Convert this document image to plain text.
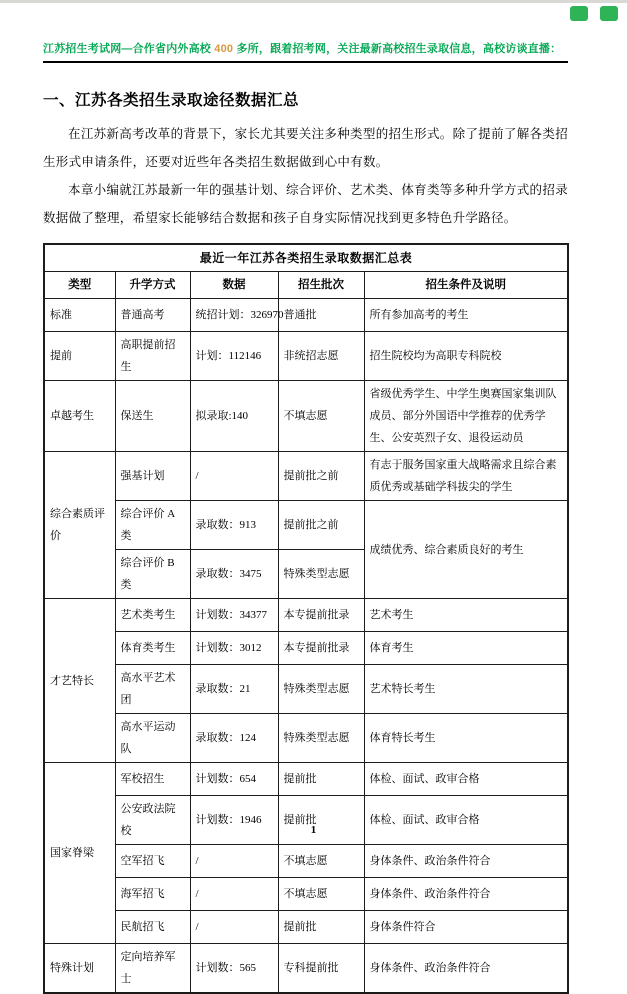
江苏招生考试网—合作省内外高校 400 多所，跟着招考网，关注最新高校招生录取信息，高校访谈直播：
一、江苏各类招生录取途径数据汇总

在江苏新高考改革的背景下，家长尤其要关注多种类型的招生形式。除了提前了解各类招生形式申请条件，还要对近些年各类招生数据做到心中有数。

本章小编就江苏最新一年的强基计划、综合评价、艺术类、体育类等多种升学方式的招录数据做了整理，希望家长能够结合数据和孩子自身实际情况找到更多特色升学路径。

最近一年江苏各类招生录取数据汇总表				
类型	升学方式	数据	招生批次	招生条件及说明
标准	普通高考	统招计划：326970	普通批	所有参加高考的考生
提前	高职提前招生	计划：112146	非统招志愿	招生院校均为高职专科院校
卓越考生	保送生	拟录取:140	不填志愿	省级优秀学生、中学生奥赛国家集训队成员、部分外国语中学推荐的优秀学生、公安英烈子女、退役运动员
综合素质评价	强基计划	/	提前批之前	有志于服务国家重大战略需求且综合素质优秀或基础学科拔尖的学生
	综合评价 A 类	录取数：913	提前批之前	成绩优秀、综合素质良好的考生
	综合评价 B 类	录取数：3475	特殊类型志愿	
才艺特长	艺术类考生	计划数：34377	本专提前批录	艺术考生
	体育类考生	计划数：3012	本专提前批录	体育考生
	高水平艺术团	录取数：21	特殊类型志愿	艺术特长考生
	高水平运动队	录取数：124	特殊类型志愿	体育特长考生
国家脊梁	军校招生	计划数：654	提前批	体检、面试、政审合格
	公安政法院校	计划数：1946	提前批	体检、面试、政审合格
	空军招飞	/	不填志愿	身体条件、政治条件符合
	海军招飞	/	不填志愿	身体条件、政治条件符合
	民航招飞	/	提前批	身体条件符合
特殊计划	定向培养军士	计划数：565	专科提前批	身体条件、政治条件符合
1
